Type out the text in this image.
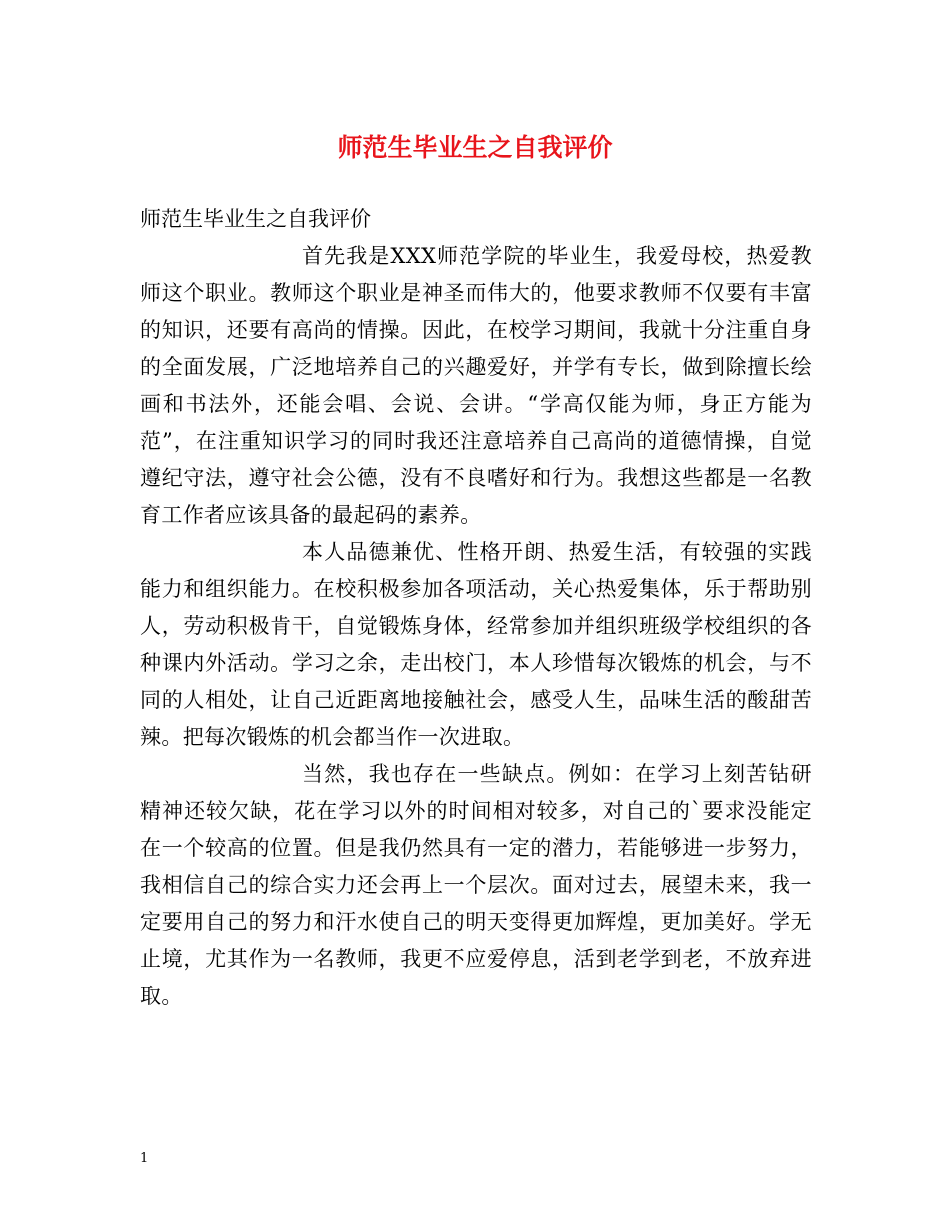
师范生毕业生之自我评价

师范生毕业生之自我评价

首先我是XXX师范学院的毕业生，我爱母校，热爱教师这个职业。教师这个职业是神圣而伟大的，他要求教师不仅要有丰富的知识，还要有高尚的情操。因此，在校学习期间，我就十分注重自身的全面发展，广泛地培养自己的兴趣爱好，并学有专长，做到除擅长绘画和书法外，还能会唱、会说、会讲。“学高仅能为师，身正方能为范”，在注重知识学习的同时我还注意培养自己高尚的道德情操，自觉遵纪守法，遵守社会公德，没有不良嗜好和行为。我想这些都是一名教育工作者应该具备的最起码的素养。

本人品德兼优、性格开朗、热爱生活，有较强的实践能力和组织能力。在校积极参加各项活动，关心热爱集体，乐于帮助别人，劳动积极肯干，自觉锻炼身体，经常参加并组织班级学校组织的各种课内外活动。学习之余，走出校门，本人珍惜每次锻炼的机会，与不同的人相处，让自己近距离地接触社会，感受人生，品味生活的酸甜苦辣。把每次锻炼的机会都当作一次进取。

当然，我也存在一些缺点。例如：在学习上刻苦钻研精神还较欠缺，花在学习以外的时间相对较多，对自己的`要求没能定在一个较高的位置。但是我仍然具有一定的潜力，若能够进一步努力，我相信自己的综合实力还会再上一个层次。面对过去，展望未来，我一定要用自己的努力和汗水使自己的明天变得更加辉煌，更加美好。学无止境，尤其作为一名教师，我更不应爱停息，活到老学到老，不放弃进取。

1
